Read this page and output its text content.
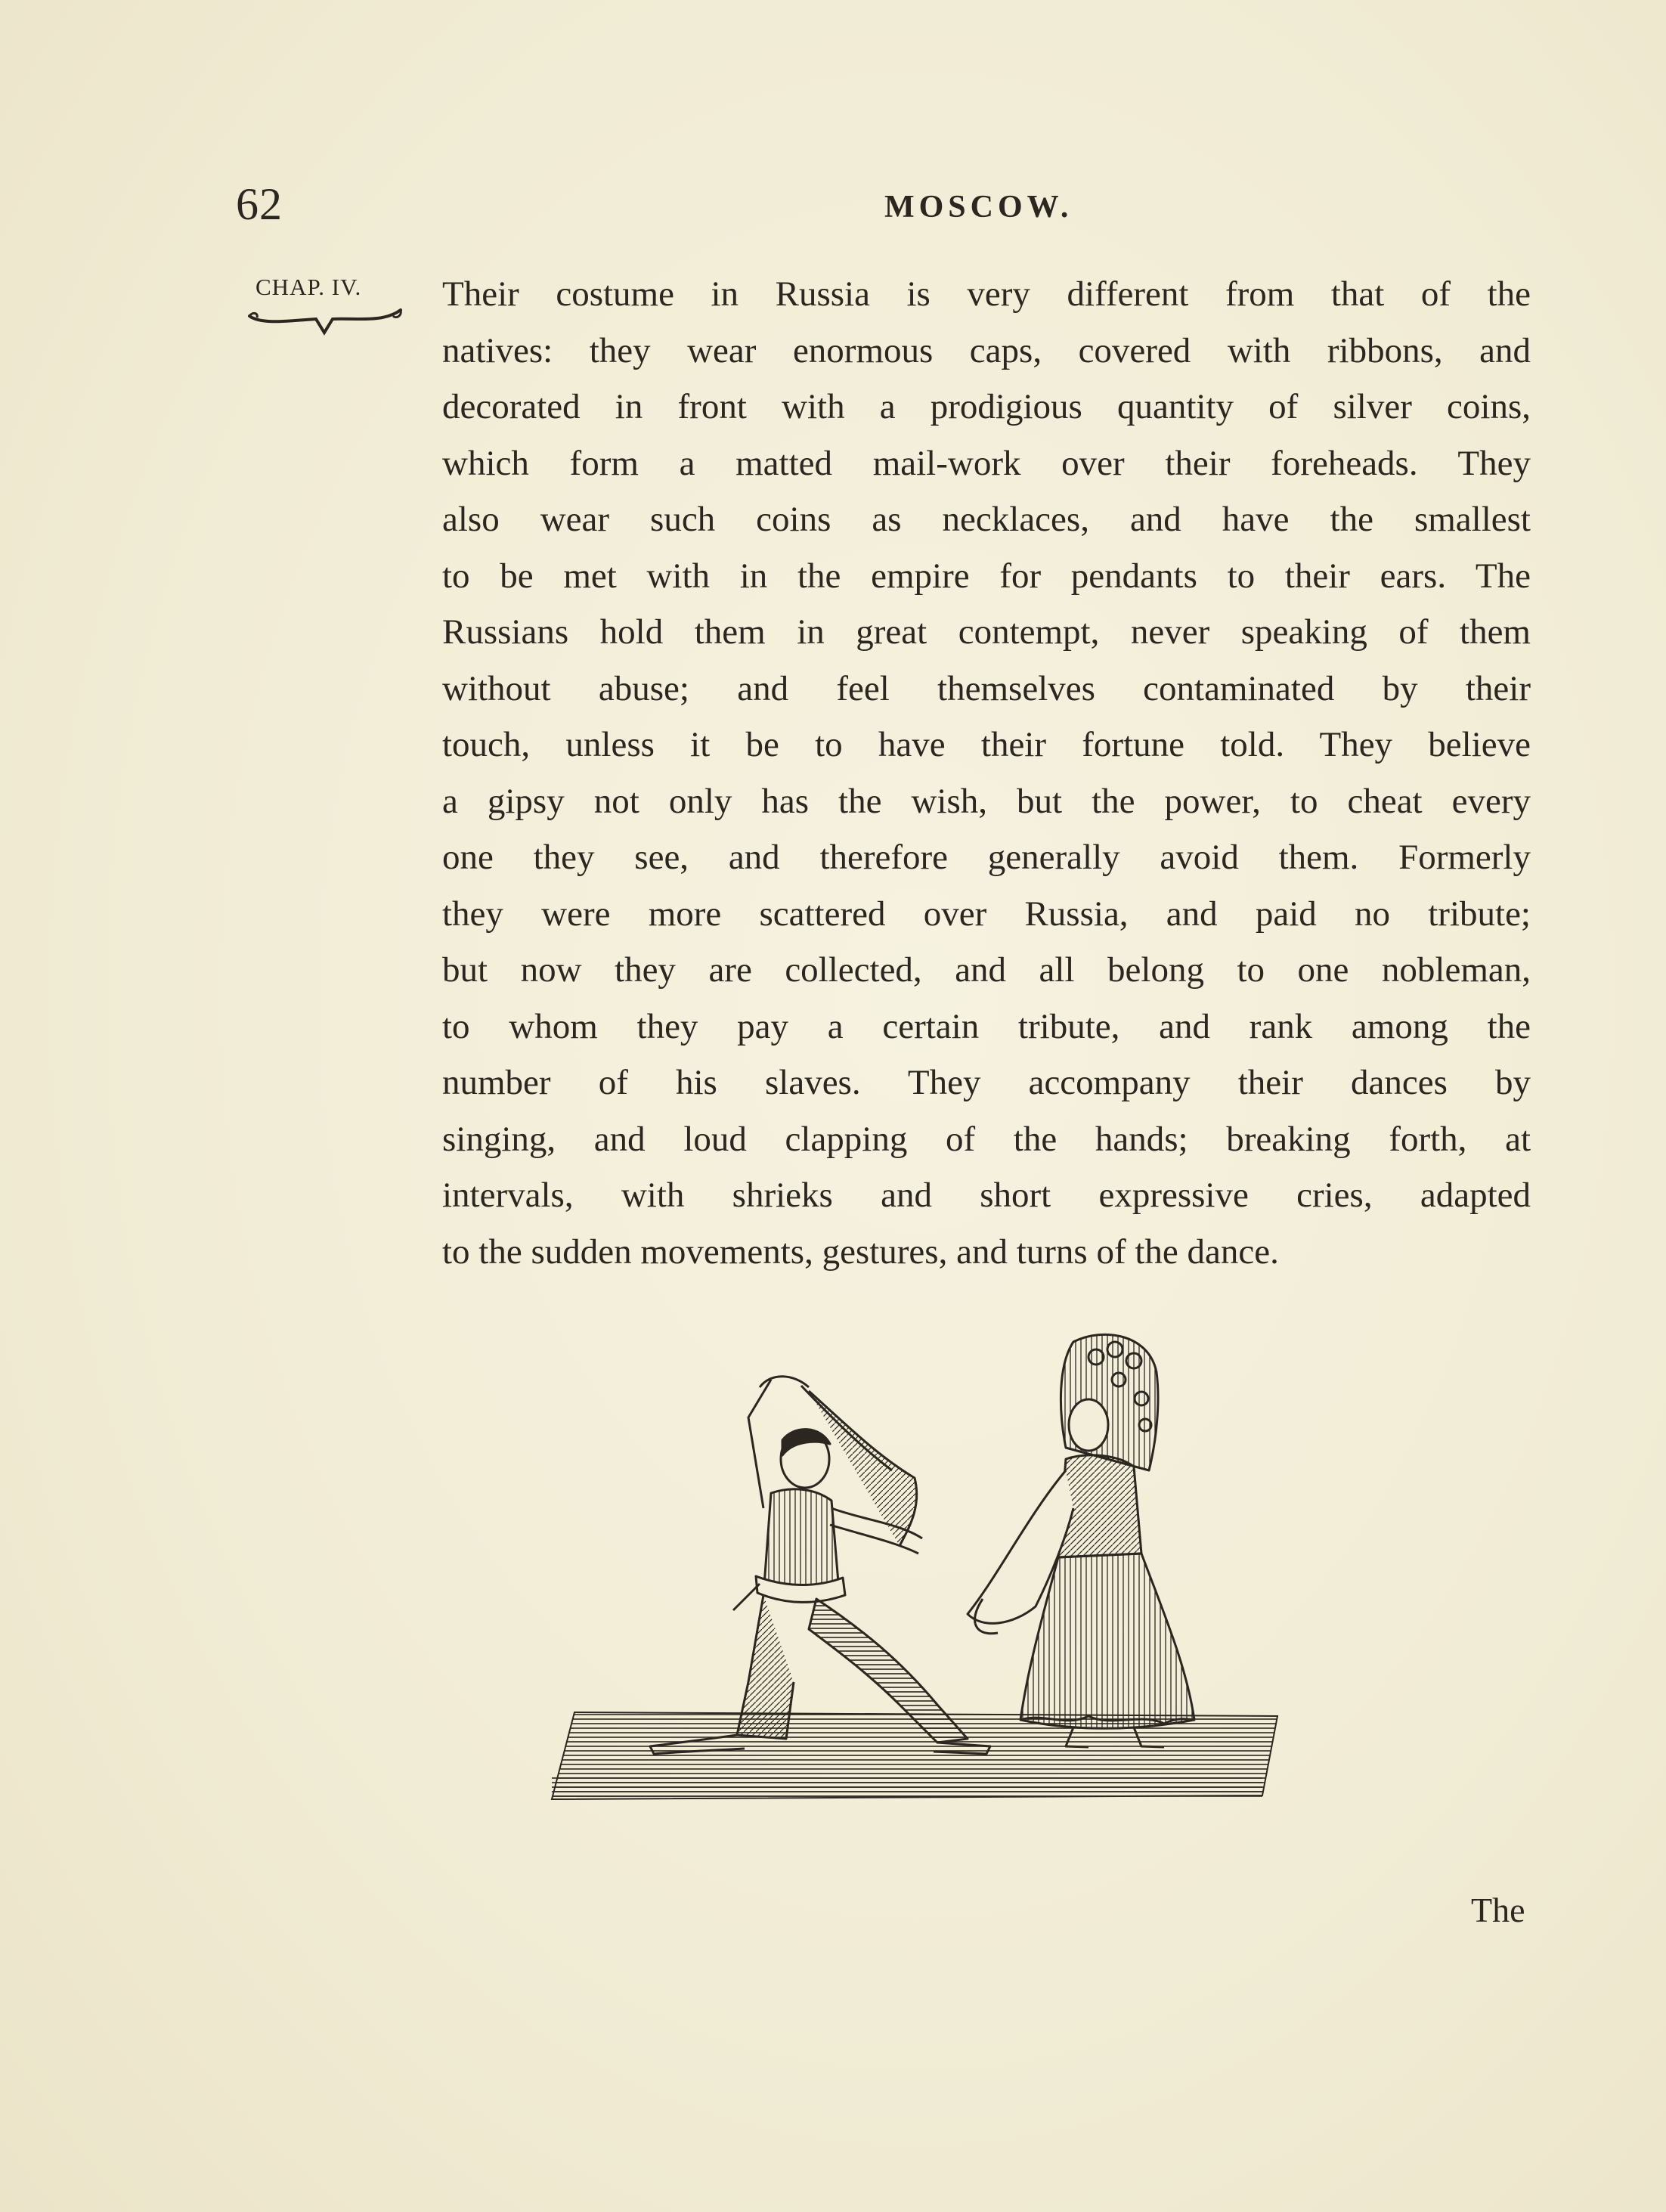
62	MOSCOW.
CHAP. IV. Their costume in Russia is very different from that of the
natives: they wear enormous caps, covered with ribbons, and
decorated in front with a prodigious quantity of silver coins,
which form a matted mail-work over their foreheads. They
also wear such coins as necklaces, and have the smallest
to be met with in the empire for pendants to their ears. The
Russians hold them in great contempt, never speaking of them
without abuse; and feel themselves contaminated by their
touch, unless it be to have their fortune told. They believe
a gipsy not only has the wish, but the power, to cheat every
one they see, and therefore generally avoid them. Formerly
they were more scattered over Russia, and paid no tribute;
but now they are collected, and all belong to one nobleman,
to whom they pay a certain tribute, and rank among the
number of his slaves. They accompany their dances by
singing, and loud clapping of the hands; breaking forth, at
intervals, with shrieks and short expressive cries, adapted
to the sudden movements, gestures, and turns of the dance.
The
